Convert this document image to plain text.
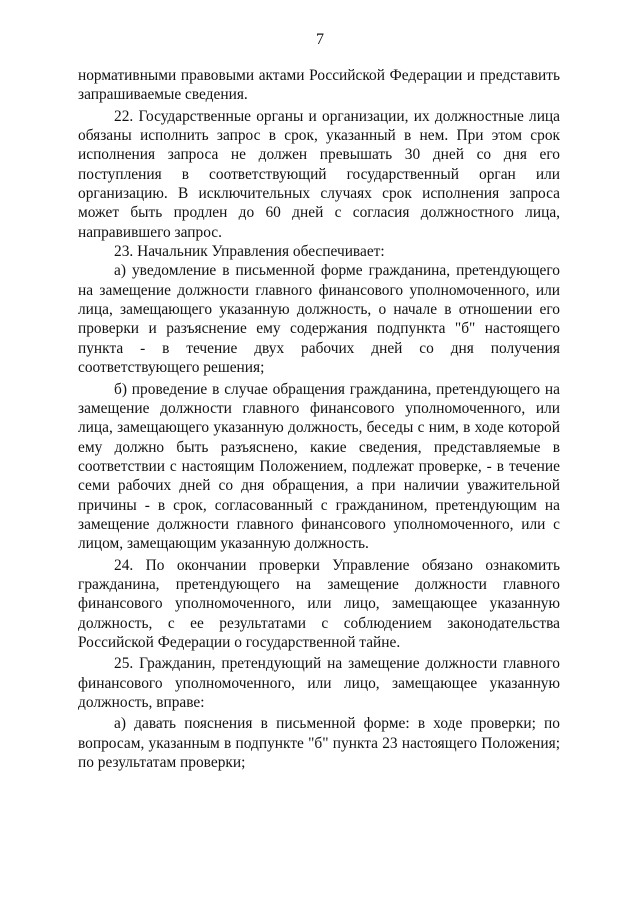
7

нормативными правовыми актами Российской Федерации и представить запрашиваемые сведения.

22. Государственные органы и организации, их должностные лица обязаны исполнить запрос в срок, указанный в нем. При этом срок исполнения запроса не должен превышать 30 дней со дня его поступления в соответствующий государственный орган или организацию. В исключительных случаях срок исполнения запроса может быть продлен до 60 дней с согласия должностного лица, направившего запрос.

23. Начальник Управления обеспечивает:

а) уведомление в письменной форме гражданина, претендующего на замещение должности главного финансового уполномоченного, или лица, замещающего указанную должность, о начале в отношении его проверки и разъяснение ему содержания подпункта "б" настоящего пункта - в течение двух рабочих дней со дня получения соответствующего решения;

б) проведение в случае обращения гражданина, претендующего на замещение должности главного финансового уполномоченного, или лица, замещающего указанную должность, беседы с ним, в ходе которой ему должно быть разъяснено, какие сведения, представляемые в соответствии с настоящим Положением, подлежат проверке, - в течение семи рабочих дней со дня обращения, а при наличии уважительной причины - в срок, согласованный с гражданином, претендующим на замещение должности главного финансового уполномоченного, или с лицом, замещающим указанную должность.

24. По окончании проверки Управление обязано ознакомить гражданина, претендующего на замещение должности главного финансового уполномоченного, или лицо, замещающее указанную должность, с ее результатами с соблюдением законодательства Российской Федерации о государственной тайне.

25. Гражданин, претендующий на замещение должности главного финансового уполномоченного, или лицо, замещающее указанную должность, вправе:

а) давать пояснения в письменной форме: в ходе проверки; по вопросам, указанным в подпункте "б" пункта 23 настоящего Положения; по результатам проверки;
